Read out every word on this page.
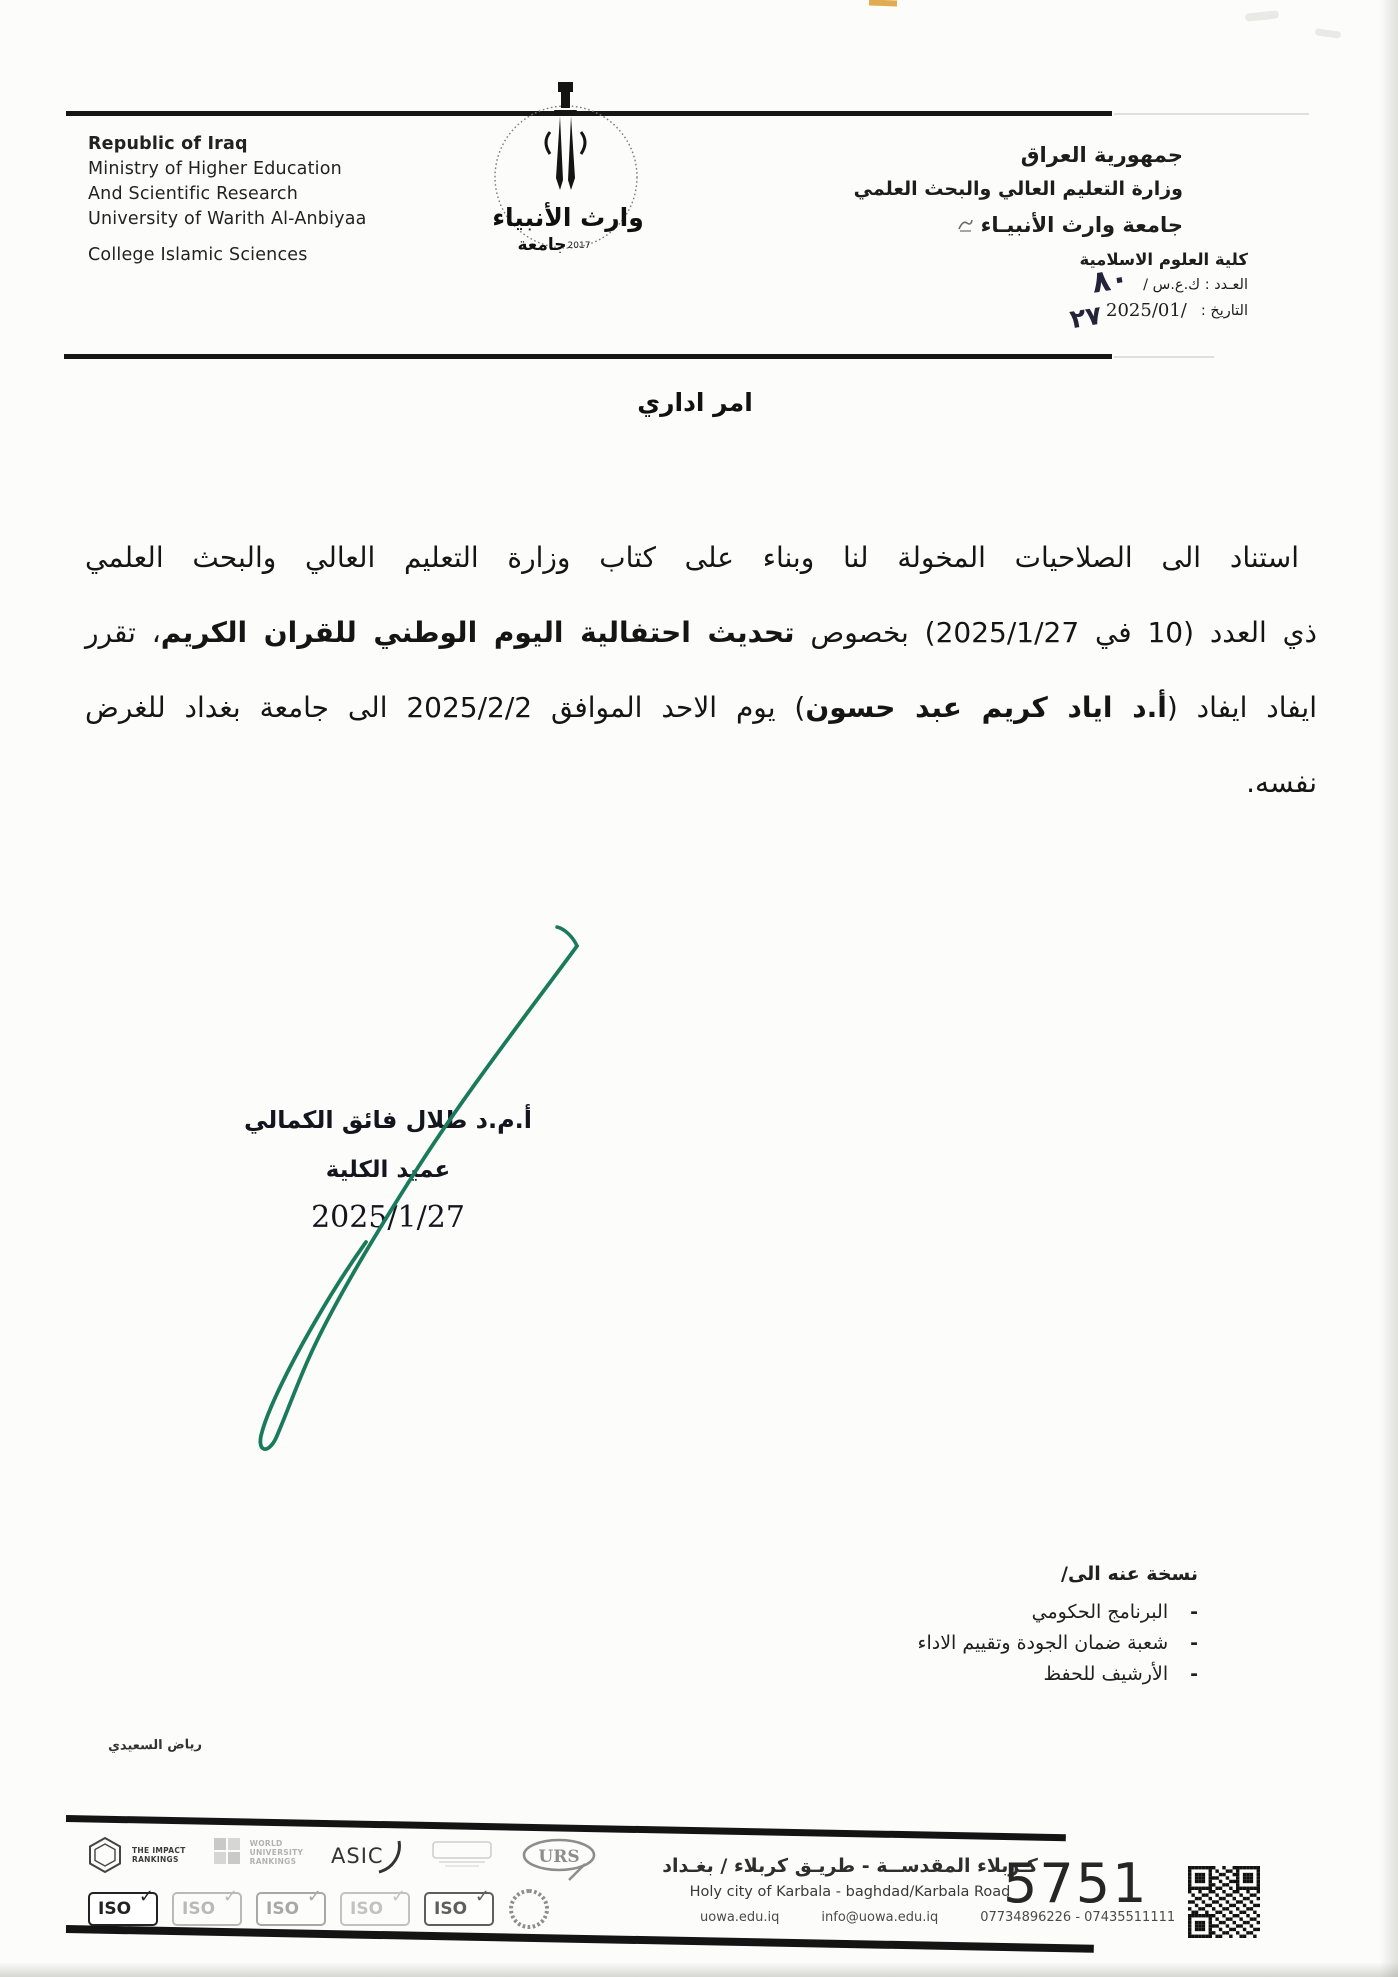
Republic of Iraq
Ministry of Higher Education
And Scientific Research
University of Warith Al-Anbiyaa
College Islamic Sciences
وارث الأنبياء
جامعة 2017
جمهورية العراق
وزارة التعليم العالي والبحث العلمي
جامعة وارث الأنبيـاء
كلية العلوم الاسلامية
العـدد : ك.ع.س /
٨٠
التاريخ :
2025/01/
٢٧
امر اداري
استناد الى الصلاحيات المخولة لنا وبناء على كتاب وزارة التعليم العالي والبحث العلمي
ذي العدد (10 في 2025/1/27) بخصوص تحديث احتفالية اليوم الوطني للقران الكريم، تقرر
ايفاد ايفاد (أ.د اياد كريم عبد حسون) يوم الاحد الموافق 2025/2/2 الى جامعة بغداد للغرض
نفسه.
أ.م.د طلال فائق الكمالي
عميد الكلية
2025/1/27
نسخة عنه الى/
-
البرنامج الحكومي
-
شعبة ضمان الجودة وتقييم الاداء
-
الأرشيف للحفظ
رياض السعيدي
THE IMPACT
RANKINGS
WORLD
UNIVERSITY
RANKINGS	ASIC	URS
ISO
✓
ISO
✓
ISO
✓
ISO
✓
ISO
✓
كـربلاء المقدســة - طريـق كربلاء / بغـداد
Holy city of Karbala - baghdad/Karbala Road
uowa.edu.iq	info@uowa.edu.iq	07734896226 - 07435511111
5751
